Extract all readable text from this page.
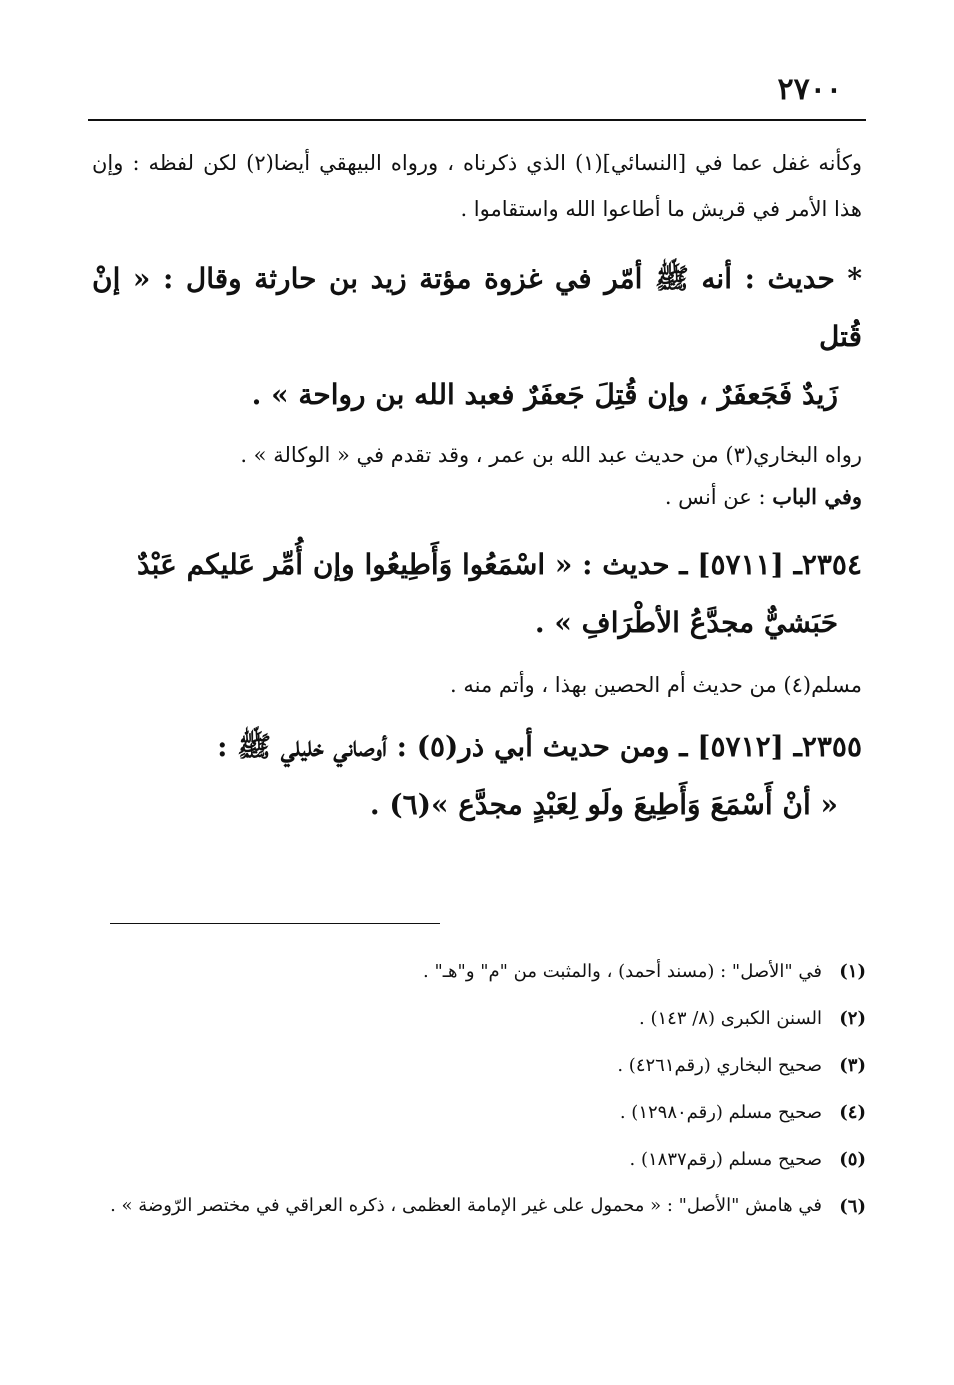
٢٧٠٠

وكأنه غفل عما في [النسائي](١) الذي ذكرناه ، ورواه البيهقي أيضا(٢) لكن لفظه : وإن هذا الأمر في قريش ما أطاعوا الله واستقاموا .

* حديث : أنه ﷺ أمّر في غزوة مؤتة زيد بن حارثة وقال : « إنْ قُتل
زَيدٌ فَجَعفَرٌ ، وإن قُتِلَ جَعفَرٌ فعبد الله بن رواحة » .

رواه البخاري(٣) من حديث عبد الله بن عمر ، وقد تقدم في « الوكالة » .

وفي الباب : عن أنس .

٢٣٥٤ـ [٥٧١١] ـ حديث : « اسْمَعُوا وَأَطِيعُوا وإن أُمِّر عَليكم عَبْدٌ
حَبَشيٌّ مجدَّعُ الأطْرَافِ » .

مسلم(٤) من حديث أم الحصين بهذا ، وأتم منه .

٢٣٥٥ـ [٥٧١٢] ـ ومن حديث أبي ذر(٥) : أوصاني خليلي ﷺ :
« أنْ أَسْمَعَ وَأَطِيعَ ولَو لِعَبْدٍ مجدَّع »(٦) .

(١)
في "الأصل" : (مسند أحمد) ، والمثبت من "م" و"هـ" .
(٢)
السنن الكبرى (٨/ ١٤٣) .
(٣)
صحيح البخاري (رقم٤٢٦١) .
(٤)
صحيح مسلم (رقم١٢٩٨٠) .
(٥)
صحيح مسلم (رقم١٨٣٧) .
(٦)
في هامش "الأصل" : « محمول على غير الإمامة العظمى ، ذكره العراقي في مختصر الرّوضة » .
